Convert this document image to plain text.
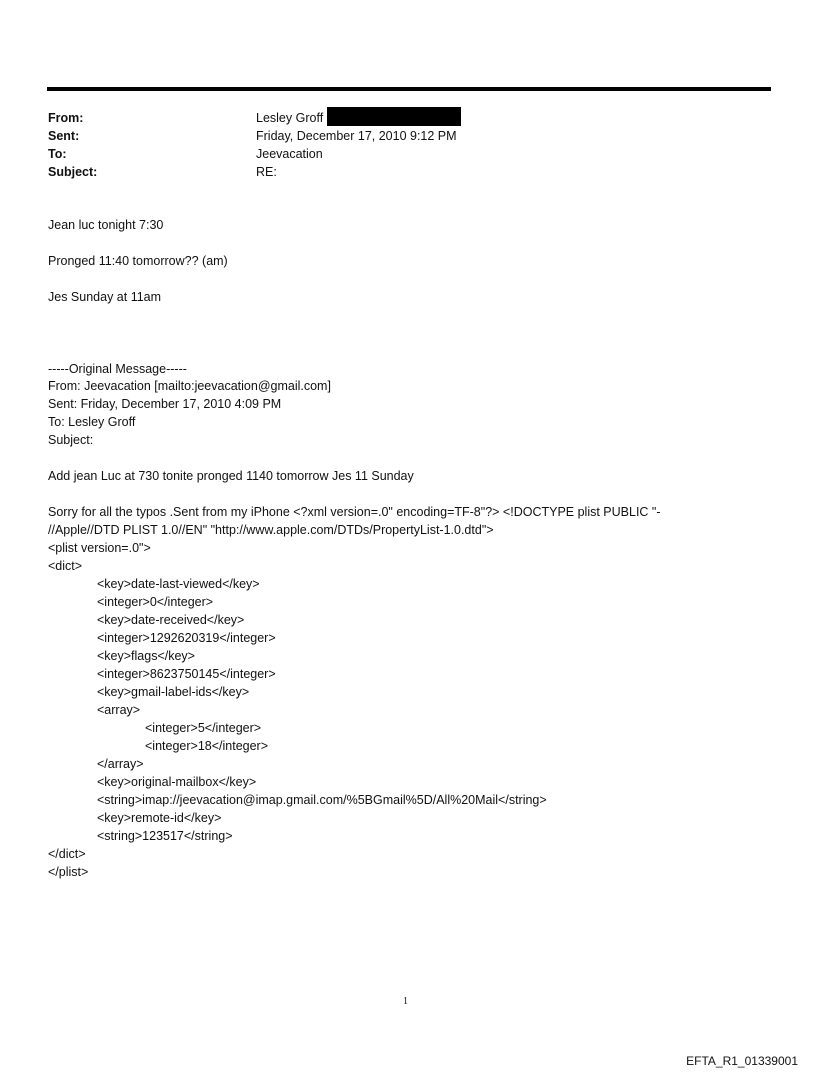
From:	Lesley Groff
Sent:	Friday, December 17, 2010 9:12 PM
To:	Jeevacation
Subject:	RE:
Jean luc tonight 7:30
Pronged 11:40 tomorrow?? (am)
Jes Sunday at 11am
-----Original Message-----
From: Jeevacation [mailto:jeevacation@gmail.com]
Sent: Friday, December 17, 2010 4:09 PM
To: Lesley Groff
Subject:
Add jean Luc at 730 tonite pronged 1140 tomorrow Jes 11 Sunday
Sorry for all the typos .Sent from my iPhone <?xml version=.0" encoding=TF-8"?> <!DOCTYPE plist PUBLIC "-
//Apple//DTD PLIST 1.0//EN" "http://www.apple.com/DTDs/PropertyList-1.0.dtd">
<plist version=.0">
<dict>
<key>date-last-viewed</key>
<integer>0</integer>
<key>date-received</key>
<integer>1292620319</integer>
<key>flags</key>
<integer>8623750145</integer>
<key>gmail-label-ids</key>
<array>
<integer>5</integer>
<integer>18</integer>
</array>
<key>original-mailbox</key>
<string>imap://jeevacation@imap.gmail.com/%5BGmail%5D/All%20Mail</string>
<key>remote-id</key>
<string>123517</string>
</dict>
</plist>
1
EFTA_R1_01339001
